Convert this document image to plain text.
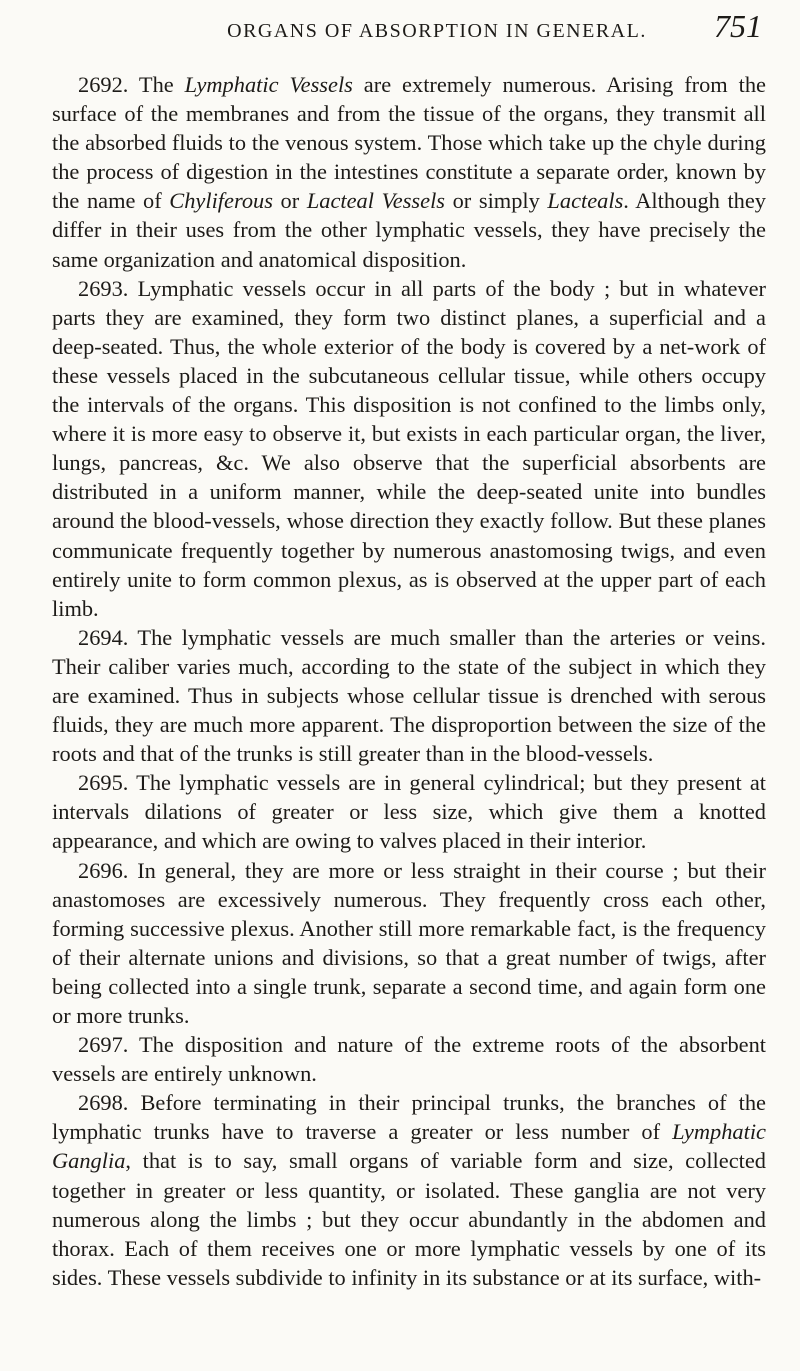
ORGANS OF ABSORPTION IN GENERAL.	751

2692. The Lymphatic Vessels are extremely numerous. Arising from the surface of the membranes and from the tissue of the organs, they transmit all the absorbed fluids to the venous system. Those which take up the chyle during the process of digestion in the intestines constitute a separate order, known by the name of Chyliferous or Lacteal Vessels or simply Lacteals. Although they differ in their uses from the other lymphatic vessels, they have precisely the same organization and anatomical disposition.

2693. Lymphatic vessels occur in all parts of the body ; but in whatever parts they are examined, they form two distinct planes, a superficial and a deep-seated. Thus, the whole exterior of the body is covered by a net-work of these vessels placed in the subcutaneous cellular tissue, while others occupy the intervals of the organs. This disposition is not confined to the limbs only, where it is more easy to observe it, but exists in each particular organ, the liver, lungs, pancreas, &c. We also observe that the superficial absorbents are distributed in a uniform manner, while the deep-seated unite into bundles around the blood-vessels, whose direction they exactly follow. But these planes communicate frequently together by numerous anastomosing twigs, and even entirely unite to form common plexus, as is observed at the upper part of each limb.

2694. The lymphatic vessels are much smaller than the arteries or veins. Their caliber varies much, according to the state of the subject in which they are examined. Thus in subjects whose cellular tissue is drenched with serous fluids, they are much more apparent. The disproportion between the size of the roots and that of the trunks is still greater than in the blood-vessels.

2695. The lymphatic vessels are in general cylindrical; but they present at intervals dilations of greater or less size, which give them a knotted appearance, and which are owing to valves placed in their interior.

2696. In general, they are more or less straight in their course ; but their anastomoses are excessively numerous. They frequently cross each other, forming successive plexus. Another still more remarkable fact, is the frequency of their alternate unions and divisions, so that a great number of twigs, after being collected into a single trunk, separate a second time, and again form one or more trunks.

2697. The disposition and nature of the extreme roots of the absorbent vessels are entirely unknown.

2698. Before terminating in their principal trunks, the branches of the lymphatic trunks have to traverse a greater or less number of Lymphatic Ganglia, that is to say, small organs of variable form and size, collected together in greater or less quantity, or isolated. These ganglia are not very numerous along the limbs ; but they occur abundantly in the abdomen and thorax. Each of them receives one or more lymphatic vessels by one of its sides. These vessels subdivide to infinity in its substance or at its surface, with-
